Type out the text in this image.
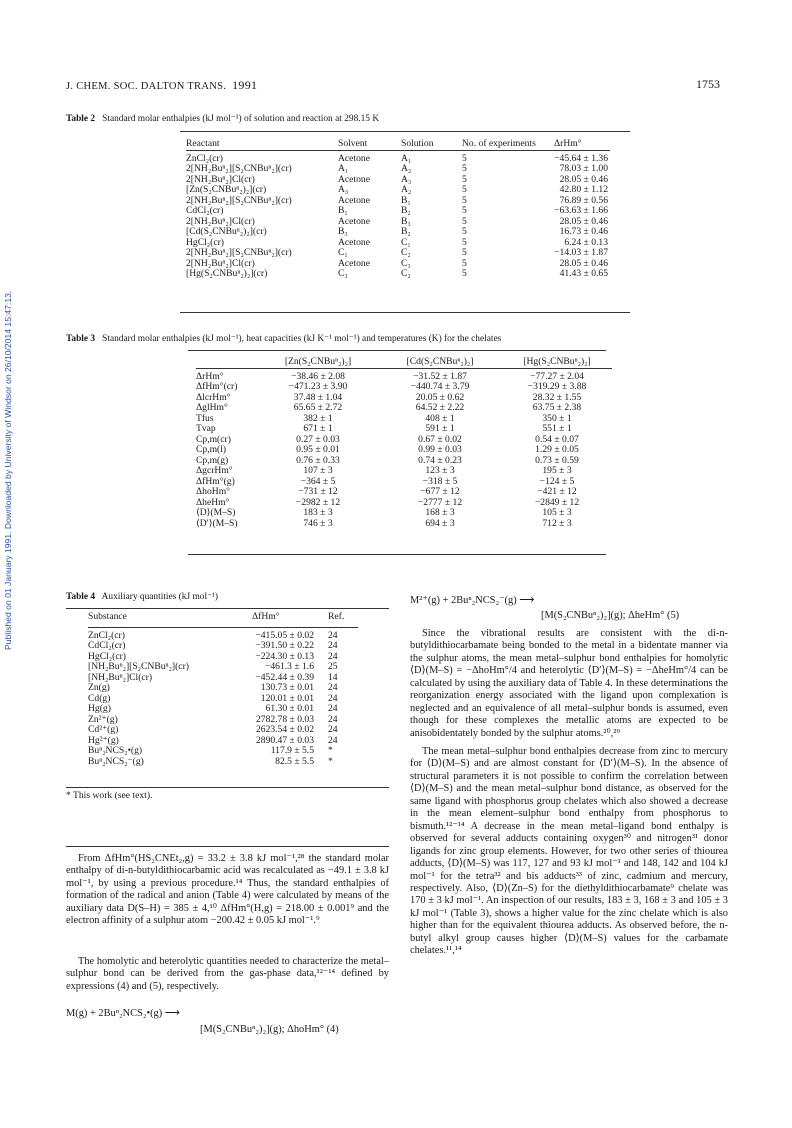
J. CHEM. SOC. DALTON TRANS. 1991	1753
Published on 01 January 1991. Downloaded by University of Windsor on 26/10/2014 15:47:13.
Table 2 Standard molar enthalpies (kJ mol⁻¹) of solution and reaction at 298.15 K
Reactant	Solvent	Solution	No. of experiments	ΔrHm°
ZnCl₂(cr)	Acetone	A₁	5	−45.64 ± 1.36
2[NH₂Buⁿ₂][S₂CNBuⁿ₂](cr)	A₁	A₂	5	78.03 ± 1.00
2[NH₂Buⁿ₂]Cl(cr)	Acetone	A₃	5	28.05 ± 0.46
[Zn(S₂CNBuⁿ₂)₂](cr)	A₃	A₂	5	42.80 ± 1.12
2[NH₂Buⁿ₂][S₂CNBuⁿ₂](cr)	Acetone	B₁	5	76.89 ± 0.56
CdCl₂(cr)	B₁	B₂	5	−63.63 ± 1.66
2[NH₂Buⁿ₂]Cl(cr)	Acetone	B₃	5	28.05 ± 0.46
[Cd(S₂CNBuⁿ₂)₂](cr)	B₃	B₂	5	16.73 ± 0.46
HgCl₂(cr)	Acetone	C₁	5	6.24 ± 0.13
2[NH₂Buⁿ₂][S₂CNBuⁿ₂](cr)	C₁	C₂	5	−14.03 ± 1.87
2[NH₂Buⁿ₂]Cl(cr)	Acetone	C₃	5	28.05 ± 0.46
[Hg(S₂CNBuⁿ₂)₂](cr)	C₃	C₂	5	41.43 ± 0.65
Table 3 Standard molar enthalpies (kJ mol⁻¹), heat capacities (kJ K⁻¹ mol⁻¹) and temperatures (K) for the chelates
	[Zn(S₂CNBuⁿ₂)₂]	[Cd(S₂CNBuⁿ₂)₂]	[Hg(S₂CNBuⁿ₂)₂]
ΔrHm°	−38.46 ± 2.08	−31.52 ± 1.87	−77.27 ± 2.04
ΔfHm°(cr)	−471.23 ± 3.90	−440.74 ± 3.79	−319.29 ± 3.88
ΔlcrHm°	37.48 ± 1.04	20.05 ± 0.62	28.32 ± 1.55
ΔglHm°	65.65 ± 2.72	64.52 ± 2.22	63.75 ± 2.38
Tfus	382 ± 1	408 ± 1	350 ± 1
Tvap	671 ± 1	591 ± 1	551 ± 1
Cp,m(cr)	0.27 ± 0.03	0.67 ± 0.02	0.54 ± 0.07
Cp,m(l)	0.95 ± 0.01	0.99 ± 0.03	1.29 ± 0.05
Cp,m(g)	0.76 ± 0.33	0.74 ± 0.23	0.73 ± 0.59
ΔgcrHm°	107 ± 3	123 ± 3	195 ± 3
ΔfHm°(g)	−364 ± 5	−318 ± 5	−124 ± 5
ΔhoHm°	−731 ± 12	−677 ± 12	−421 ± 12
ΔheHm°	−2982 ± 12	−2777 ± 12	−2849 ± 12
⟨D⟩(M–S)	183 ± 3	168 ± 3	105 ± 3
⟨D′⟩(M–S)	746 ± 3	694 ± 3	712 ± 3
Table 4 Auxiliary quantities (kJ mol⁻¹)
Substance	ΔfHm°	Ref.
ZnCl₂(cr)	−415.05 ± 0.02	24
CdCl₂(cr)	−391.50 ± 0.22	24
HgCl₂(cr)	−224.30 ± 0.13	24
[NH₂Buⁿ₂][S₂CNBuⁿ₂](cr)	−461.3 ± 1.6	25
[NH₂Buⁿ₂]Cl(cr)	−452.44 ± 0.39	14
Zn(g)	130.73 ± 0.01	24
Cd(g)	120.01 ± 0.01	24
Hg(g)	61.30 ± 0.01	24
Zn²⁺(g)	2782.78 ± 0.03	24
Cd²⁺(g)	2623.54 ± 0.02	24
Hg²⁺(g)	2890.47 ± 0.03	24
Buⁿ₂NCS₂•(g)	117.9 ± 5.5	*
Buⁿ₂NCS₂⁻(g)	82.5 ± 5.5	*
* This work (see text).
From ΔfHm°(HS₂CNEt₂,g) = 33.2 ± 3.8 kJ mol⁻¹,²⁸ the standard molar enthalpy of di-n-butyldithiocarbamic acid was recalculated as −49.1 ± 3.8 kJ mol⁻¹, by using a previous procedure.¹⁴ Thus, the standard enthalpies of formation of the radical and anion (Table 4) were calculated by means of the auxiliary data D(S–H) = 385 ± 4,¹⁰ ΔfHm°(H,g) = 218.00 ± 0.001⁹ and the electron affinity of a sulphur atom −200.42 ± 0.05 kJ mol⁻¹.⁹
The homolytic and heterolytic quantities needed to characterize the metal–sulphur bond can be derived from the gas-phase data,¹²⁻¹⁴ defined by expressions (4) and (5), respectively.
M(g) + 2Buⁿ₂NCS₂•(g) ⟶
[M(S₂CNBuⁿ₂)₂](g); ΔhoHm° (4)
M²⁺(g) + 2Buⁿ₂NCS₂⁻(g) ⟶
[M(S₂CNBuⁿ₂)₂](g); ΔheHm° (5)
Since the vibrational results are consistent with the di-n-butyldithiocarbamate being bonded to the metal in a bidentate manner via the sulphur atoms, the mean metal–sulphur bond enthalpies for homolytic ⟨D⟩(M–S) = −ΔhoHm°/4 and heterolytic ⟨D′⟩(M–S) = −ΔheHm°/4 can be calculated by using the auxiliary data of Table 4. In these determinations the reorganization energy associated with the ligand upon complexation is neglected and an equivalence of all metal–sulphur bonds is assumed, even though for these complexes the metallic atoms are expected to be anisobidentately bonded by the sulphur atoms.²⁰,²⁹
The mean metal–sulphur bond enthalpies decrease from zinc to mercury for ⟨D⟩(M–S) and are almost constant for ⟨D′⟩(M–S). In the absence of structural parameters it is not possible to confirm the correlation between ⟨D⟩(M–S) and the mean metal–sulphur bond distance, as observed for the same ligand with phosphorus group chelates which also showed a decrease in the mean element–sulphur bond enthalpy from phosphorus to bismuth.¹²⁻¹⁴ A decrease in the mean metal–ligand bond enthalpy is observed for several adducts containing oxygen³⁰ and nitrogen³¹ donor ligands for zinc group elements. However, for two other series of thiourea adducts, ⟨D⟩(M–S) was 117, 127 and 93 kJ mol⁻¹ and 148, 142 and 104 kJ mol⁻¹ for the tetra³² and bis adducts³³ of zinc, cadmium and mercury, respectively. Also, ⟨D⟩(Zn–S) for the diethyldithiocarbamate⁹ chelate was 170 ± 3 kJ mol⁻¹. An inspection of our results, 183 ± 3, 168 ± 3 and 105 ± 3 kJ mol⁻¹ (Table 3), shows a higher value for the zinc chelate which is also higher than for the equivalent thiourea adducts. As observed before, the n-butyl alkyl group causes higher ⟨D⟩(M–S) values for the carbamate chelates.¹¹,¹⁴
